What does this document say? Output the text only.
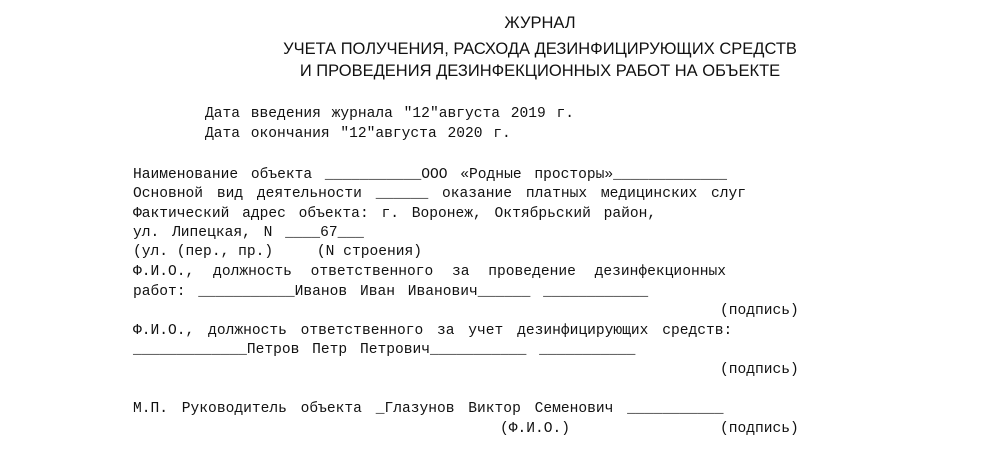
ЖУРНАЛ
УЧЕТА ПОЛУЧЕНИЯ, РАСХОДА ДЕЗИНФИЦИРУЮЩИХ СРЕДСТВ
И ПРОВЕДЕНИЯ ДЕЗИНФЕКЦИОННЫХ РАБОТ НА ОБЪЕКТЕ
Дата введения журнала "12"августа 2019 г.
Дата окончания "12"августа 2020 г.
Наименование объекта ___________ООО «Родные просторы»_____________
Основной вид деятельности ______ оказание платных медицинских слуг
Фактический адрес объекта: г. Воронеж, Октябрьский район,
ул. Липецкая, N ____67___
(ул. (пер., пр.)     (N строения)
Ф.И.О., должность ответственного за проведение дезинфекционных
работ: ___________Иванов Иван Иванович______ ____________
(подпись)
Ф.И.О., должность ответственного за учет дезинфицирующих средств:
_____________Петров Петр Петрович___________ ___________
(подпись)
М.П. Руководитель объекта _Глазунов Виктор Семенович ___________
(Ф.И.О.)	(подпись)
